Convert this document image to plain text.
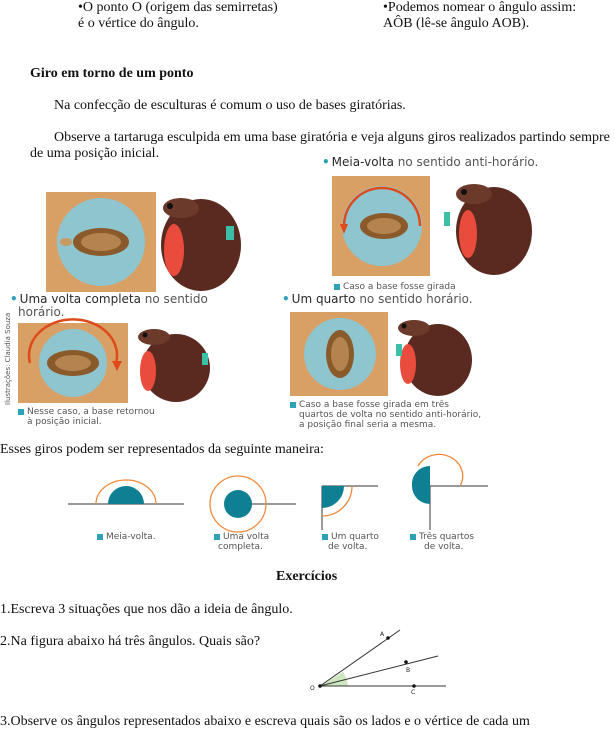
•O ponto O (origem das semirretas)
é o vértice do ângulo.
•Podemos nomear o ângulo assim:
AÔB (lê-se ângulo AOB).
Giro em torno de um ponto
Na confecção de esculturas é comum o uso de bases giratórias.
Observe a tartaruga esculpida em uma base giratória e veja alguns giros realizados partindo sempre
de uma posição inicial.
• Meia-volta no sentido anti-horário.
Caso a base fosse girada
• Uma volta completa no sentido
horário.
• Um quarto no sentido horário.
Ilustrações: Claudia Souza
Nesse caso, a base retornou
à posição inicial.
Caso a base fosse girada em três
quartos de volta no sentido anti-horário,
a posição final seria a mesma.
Esses giros podem ser representados da seguinte maneira:
Meia-volta.	Uma volta
completa.
Um quarto
de volta.
Três quartos
de volta.
Exercícios
1.Escreva 3 situações que nos dão a ideia de ângulo.
2.Na figura abaixo há três ângulos. Quais são?
O
A
B
C
3.Observe os ângulos representados abaixo e escreva quais são os lados e o vértice de cada um
